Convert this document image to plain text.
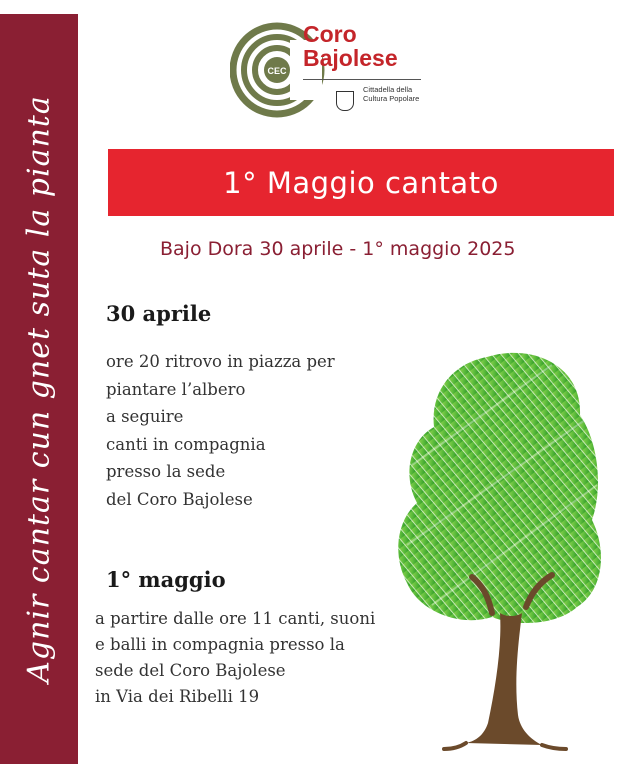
Agnir cantar cun gnet suta la pianta
CEC
Coro
Bajolese
Cittadella della
Cultura Popolare
1° Maggio cantato
Bajo Dora 30 aprile - 1° maggio 2025
30 aprile
ore 20 ritrovo in piazza per
piantare l’albero
a seguire
canti in compagnia
presso la sede
del Coro Bajolese
1° maggio
a partire dalle ore 11 canti, suoni
e balli in compagnia presso la
sede del Coro Bajolese
in Via dei Ribelli 19
